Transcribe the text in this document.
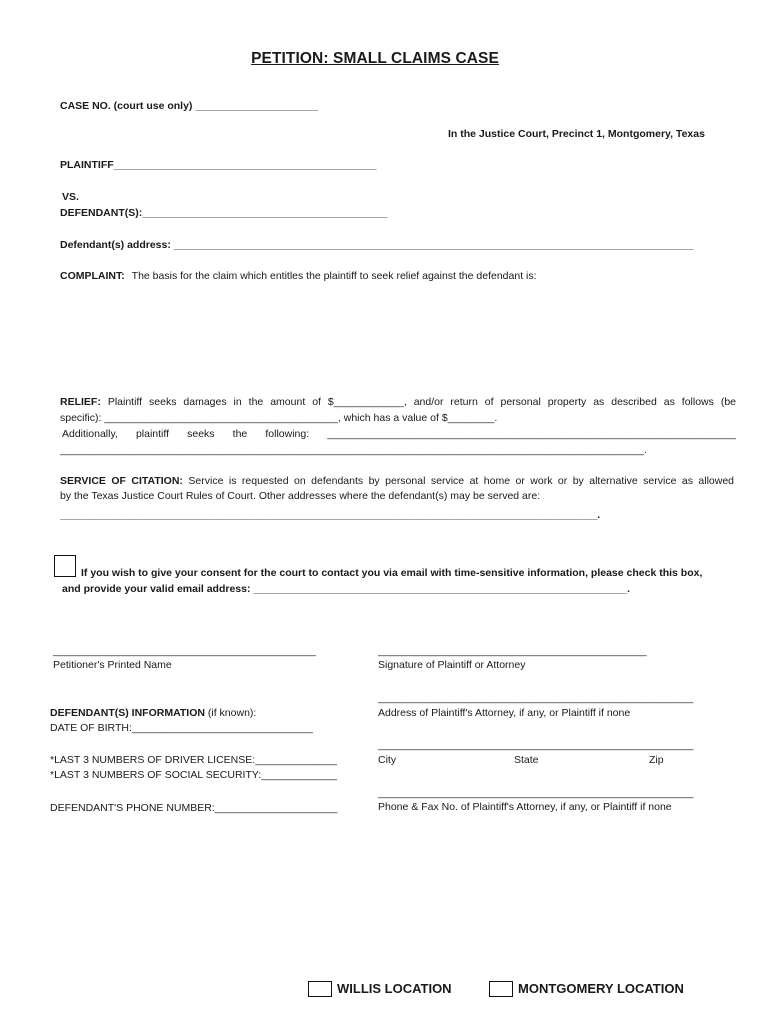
PETITION: SMALL CLAIMS CASE
CASE NO. (court use only) _____________________
In the Justice Court, Precinct 1, Montgomery, Texas
PLAINTIFF_____________________________________________
VS.
DEFENDANT(S):__________________________________________
Defendant(s) address: _________________________________________________________________________________________
COMPLAINT: The basis for the claim which entitles the plaintiff to seek relief against the defendant is:
RELIEF: Plaintiff seeks damages in the amount of $____________, and/or return of personal property as described as follows (be
specific): ________________________________________, which has a value of $________.
Additionally, plaintiff seeks the following: ______________________________________________________________________
____________________________________________________________________________________________________.
SERVICE OF CITATION: Service is requested on defendants by personal service at home or work or by alternative service as allowed
by the Texas Justice Court Rules of Court. Other addresses where the defendant(s) may be served are:
____________________________________________________________________________________________.
If you wish to give your consent for the court to contact you via email with time-sensitive information, please check this box,
and provide your valid email address: ________________________________________________________________.
_____________________________________________
Petitioner's Printed Name
______________________________________________
Signature of Plaintiff or Attorney
DEFENDANT(S) INFORMATION (if known):
DATE OF BIRTH:_______________________________
*LAST 3 NUMBERS OF DRIVER LICENSE:______________
*LAST 3 NUMBERS OF SOCIAL SECURITY:_____________
DEFENDANT'S PHONE NUMBER:_____________________
______________________________________________________
Address of Plaintiff's Attorney, if any, or Plaintiff if none
______________________________________________________
City	State	Zip
______________________________________________________
Phone & Fax No. of Plaintiff's Attorney, if any, or Plaintiff if none
WILLIS LOCATION	MONTGOMERY LOCATION
